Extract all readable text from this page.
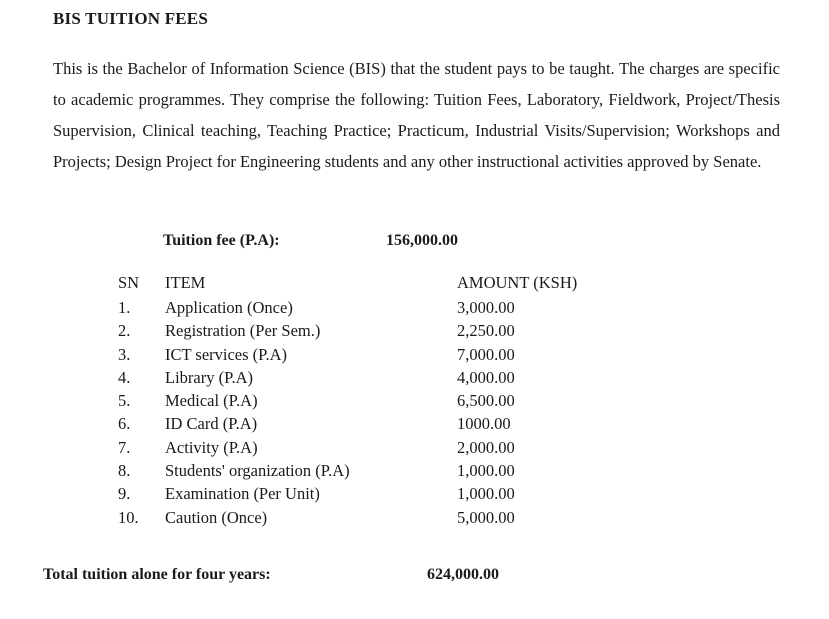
BIS TUITION FEES

This is the Bachelor of Information Science (BIS) that the student pays to be taught. The charges are specific to academic programmes. They comprise the following: Tuition Fees, Laboratory, Fieldwork, Project/Thesis Supervision, Clinical teaching, Teaching Practice; Practicum, Industrial Visits/Supervision; Workshops and Projects; Design Project for Engineering students and any other instructional activities approved by Senate.

Tuition fee (P.A):	156,000.00
SN	ITEM	AMOUNT (KSH)
1.	Application (Once)	3,000.00
2.	Registration (Per Sem.)	2,250.00
3.	ICT services (P.A)	7,000.00
4.	Library (P.A)	4,000.00
5.	Medical (P.A)	6,500.00
6.	ID Card (P.A)	1000.00
7.	Activity (P.A)	2,000.00
8.	Students' organization (P.A)	1,000.00
9.	Examination (Per Unit)	1,000.00
10.	Caution (Once)	5,000.00
Total tuition alone for four years:	624,000.00
